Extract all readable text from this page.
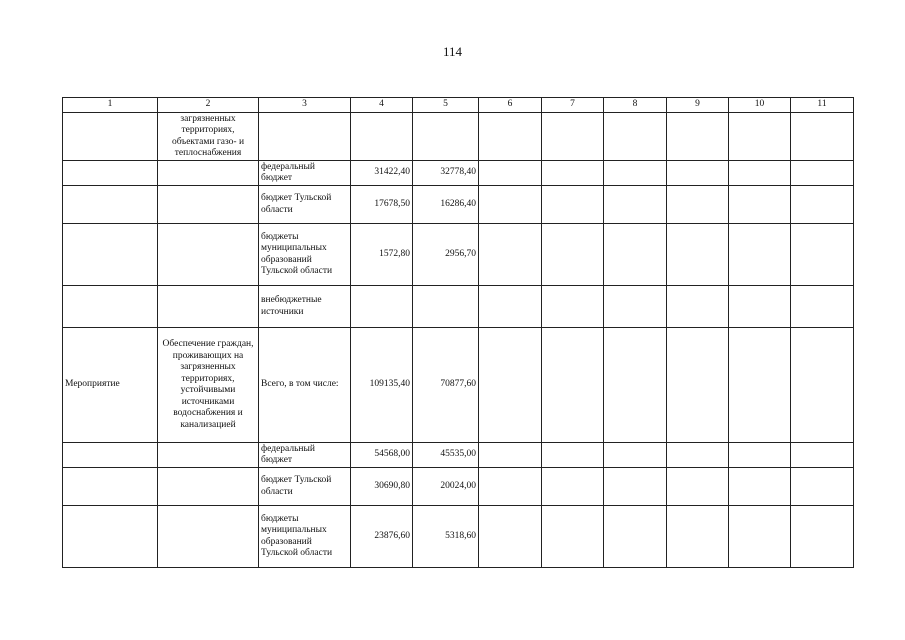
114
1	2	3	4	5	6	7	8	9	10	11
	загрязненных территориях, объектами газо- и теплоснабжения									
		федеральный бюджет	31422,40	32778,40						
		бюджет Тульской области	17678,50	16286,40						
		бюджеты муниципальных образований Тульской области	1572,80	2956,70						
		внебюджетные источники								
Мероприятие	Обеспечение граждан, проживающих на загрязненных территориях, устойчивыми источниками водоснабжения и канализацией	Всего, в том числе:	109135,40	70877,60						
		федеральный бюджет	54568,00	45535,00						
		бюджет Тульской области	30690,80	20024,00						
		бюджеты муниципальных образований Тульской области	23876,60	5318,60						
